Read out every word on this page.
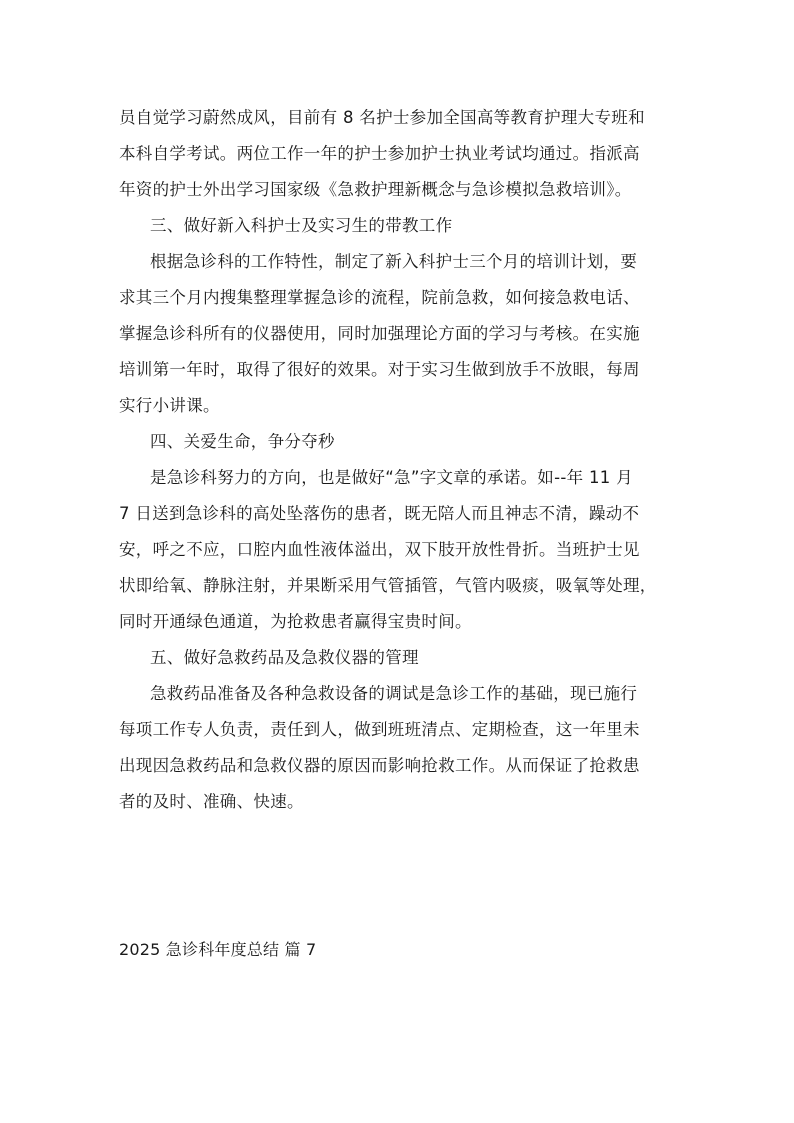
员自觉学习蔚然成风，目前有 8 名护士参加全国高等教育护理大专班和
本科自学考试。两位工作一年的护士参加护士执业考试均通过。指派高
年资的护士外出学习国家级《急救护理新概念与急诊模拟急救培训》。
三、做好新入科护士及实习生的带教工作
根据急诊科的工作特性，制定了新入科护士三个月的培训计划，要
求其三个月内搜集整理掌握急诊的流程，院前急救，如何接急救电话、
掌握急诊科所有的仪器使用，同时加强理论方面的学习与考核。在实施
培训第一年时，取得了很好的效果。对于实习生做到放手不放眼，每周
实行小讲课。
四、关爱生命，争分夺秒
是急诊科努力的方向，也是做好“急”字文章的承诺。如--年 11 月
7 日送到急诊科的高处坠落伤的患者，既无陪人而且神志不清，躁动不
安，呼之不应，口腔内血性液体溢出，双下肢开放性骨折。当班护士见
状即给氧、静脉注射，并果断采用气管插管，气管内吸痰，吸氧等处理，
同时开通绿色通道，为抢救患者赢得宝贵时间。
五、做好急救药品及急救仪器的管理
急救药品准备及各种急救设备的调试是急诊工作的基础，现已施行
每项工作专人负责，责任到人，做到班班清点、定期检查，这一年里未
出现因急救药品和急救仪器的原因而影响抢救工作。从而保证了抢救患
者的及时、准确、快速。
2025 急诊科年度总结 篇 7
